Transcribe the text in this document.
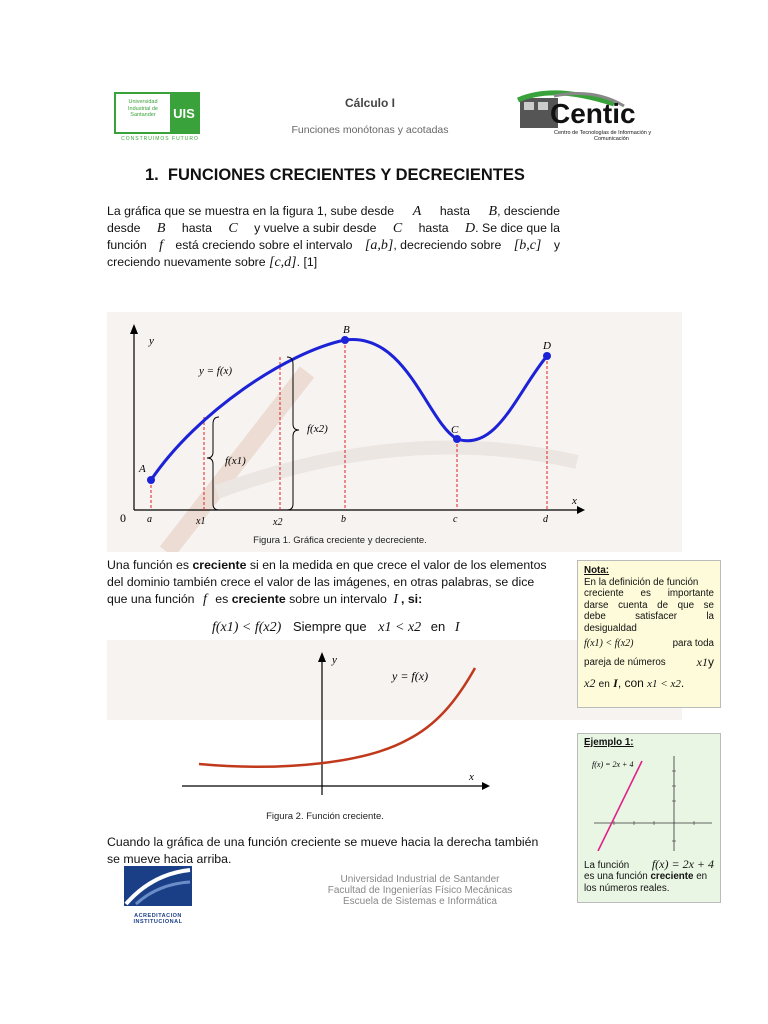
Universidad
Industrial de
Santander	UIS
CONSTRUIMOS FUTURO
Cálculo I
Funciones monótonas y acotadas
Centic
Centro de Tecnologías de Información y
Comunicación
1.  FUNCIONES CRECIENTES Y DECRECIENTES
La gráfica que se muestra en la figura 1, sube desde A hasta B, desciende
desde B hasta C y vuelve a subir desde C hasta D. Se dice que la
función f está creciendo sobre el intervalo [a,b], decreciendo sobre [b,c] y
creciendo nuevamente sobre [c,d]. [1]
y
x
0
A
B
C
D
f(x1)
f(x2)
y = f(x)
a	x1	x2	b	c	d
Figura 1. Gráfica creciente y decreciente.
Una función es creciente si en la medida en que crece el valor de los elementos
del dominio también crece el valor de las imágenes, en otras palabras, se dice
que una función f es creciente sobre un intervalo I , si:
f(x1) < f(x2) Siempre que x1 < x2 en I
y
x
y = f(x)
Figura 2. Función creciente.
Cuando la gráfica de una función creciente se mueve hacia la derecha también
se mueve hacia arriba.
Nota:
En la definición de función
creciente es importante
darse cuenta de que se
debe satisfacer la
desigualdad
f(x1) < f(x2)	para toda
pareja de números	x1y
x2 en I, con x1 < x2.
Ejemplo 1:
f(x) = 2x + 4
La función f(x) = 2x + 4
es una función creciente en
los números reales.
ACREDITACION INSTITUCIONAL
Universidad Industrial de Santander
Facultad de Ingenierías Físico Mecánicas
Escuela de Sistemas e Informática
